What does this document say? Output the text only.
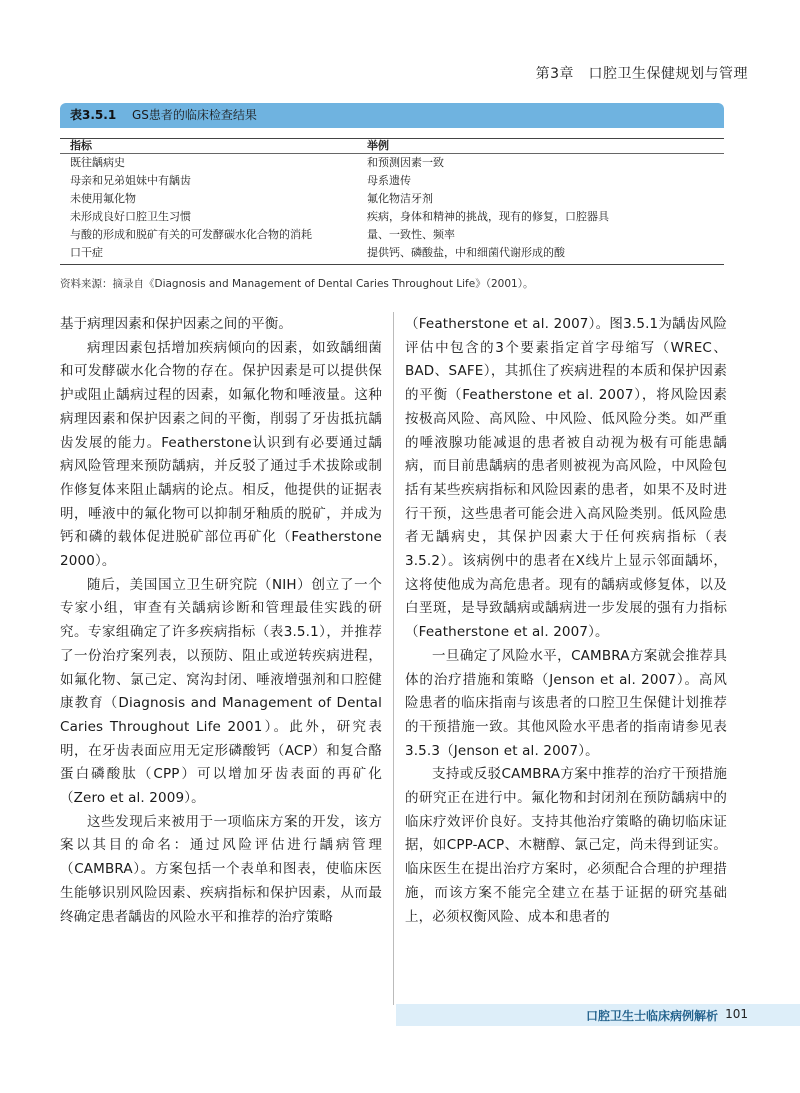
第3章　口腔卫生保健规划与管理
表3.5.1 GS患者的临床检查结果
指标	举例
既往龋病史	和预测因素一致
母亲和兄弟姐妹中有龋齿	母系遗传
未使用氟化物	氟化物洁牙剂
未形成良好口腔卫生习惯	疾病，身体和精神的挑战，现有的修复，口腔器具
与酸的形成和脱矿有关的可发酵碳水化合物的消耗	量、一致性、频率
口干症	提供钙、磷酸盐，中和细菌代谢形成的酸
资料来源：摘录自《Diagnosis and Management of Dental Caries Throughout Life》（2001）。

基于病理因素和保护因素之间的平衡。

病理因素包括增加疾病倾向的因素，如致龋细菌和可发酵碳水化合物的存在。保护因素是可以提供保护或阻止龋病过程的因素，如氟化物和唾液量。这种病理因素和保护因素之间的平衡，削弱了牙齿抵抗龋齿发展的能力。Featherstone认识到有必要通过龋病风险管理来预防龋病，并反驳了通过手术拔除或制作修复体来阻止龋病的论点。相反，他提供的证据表明，唾液中的氟化物可以抑制牙釉质的脱矿，并成为钙和磷的载体促进脱矿部位再矿化（Featherstone 2000）。

随后，美国国立卫生研究院（NIH）创立了一个专家小组，审查有关龋病诊断和管理最佳实践的研究。专家组确定了许多疾病指标（表3.5.1），并推荐了一份治疗案列表，以预防、阻止或逆转疾病进程，如氟化物、氯己定、窝沟封闭、唾液增强剂和口腔健康教育（Diagnosis and Management of Dental Caries Throughout Life 2001）。此外，研究表明，在牙齿表面应用无定形磷酸钙（ACP）和复合酪蛋白磷酸肽（CPP）可以增加牙齿表面的再矿化（Zero et al. 2009）。

这些发现后来被用于一项临床方案的开发，该方案以其目的命名：通过风险评估进行龋病管理（CAMBRA）。方案包括一个表单和图表，使临床医生能够识别风险因素、疾病指标和保护因素，从而最终确定患者龋齿的风险水平和推荐的治疗策略

（Featherstone et al. 2007）。图3.5.1为龋齿风险评估中包含的3个要素指定首字母缩写（WREC、BAD、SAFE），其抓住了疾病进程的本质和保护因素的平衡（Featherstone et al. 2007），将风险因素按极高风险、高风险、中风险、低风险分类。如严重的唾液腺功能减退的患者被自动视为极有可能患龋病，而目前患龋病的患者则被视为高风险，中风险包括有某些疾病指标和风险因素的患者，如果不及时进行干预，这些患者可能会进入高风险类别。低风险患者无龋病史，其保护因素大于任何疾病指标（表3.5.2）。该病例中的患者在X线片上显示邻面龋坏，这将使他成为高危患者。现有的龋病或修复体，以及白垩斑，是导致龋病或龋病进一步发展的强有力指标（Featherstone et al. 2007）。

一旦确定了风险水平，CAMBRA方案就会推荐具体的治疗措施和策略（Jenson et al. 2007）。高风险患者的临床指南与该患者的口腔卫生保健计划推荐的干预措施一致。其他风险水平患者的指南请参见表3.5.3（Jenson et al. 2007）。

支持或反驳CAMBRA方案中推荐的治疗干预措施的研究正在进行中。氟化物和封闭剂在预防龋病中的临床疗效评价良好。支持其他治疗策略的确切临床证据，如CPP-ACP、木糖醇、氯己定，尚未得到证实。临床医生在提出治疗方案时，必须配合合理的护理措施，而该方案不能完全建立在基于证据的研究基础上，必须权衡风险、成本和患者的

口腔卫生士临床病例解析 101
